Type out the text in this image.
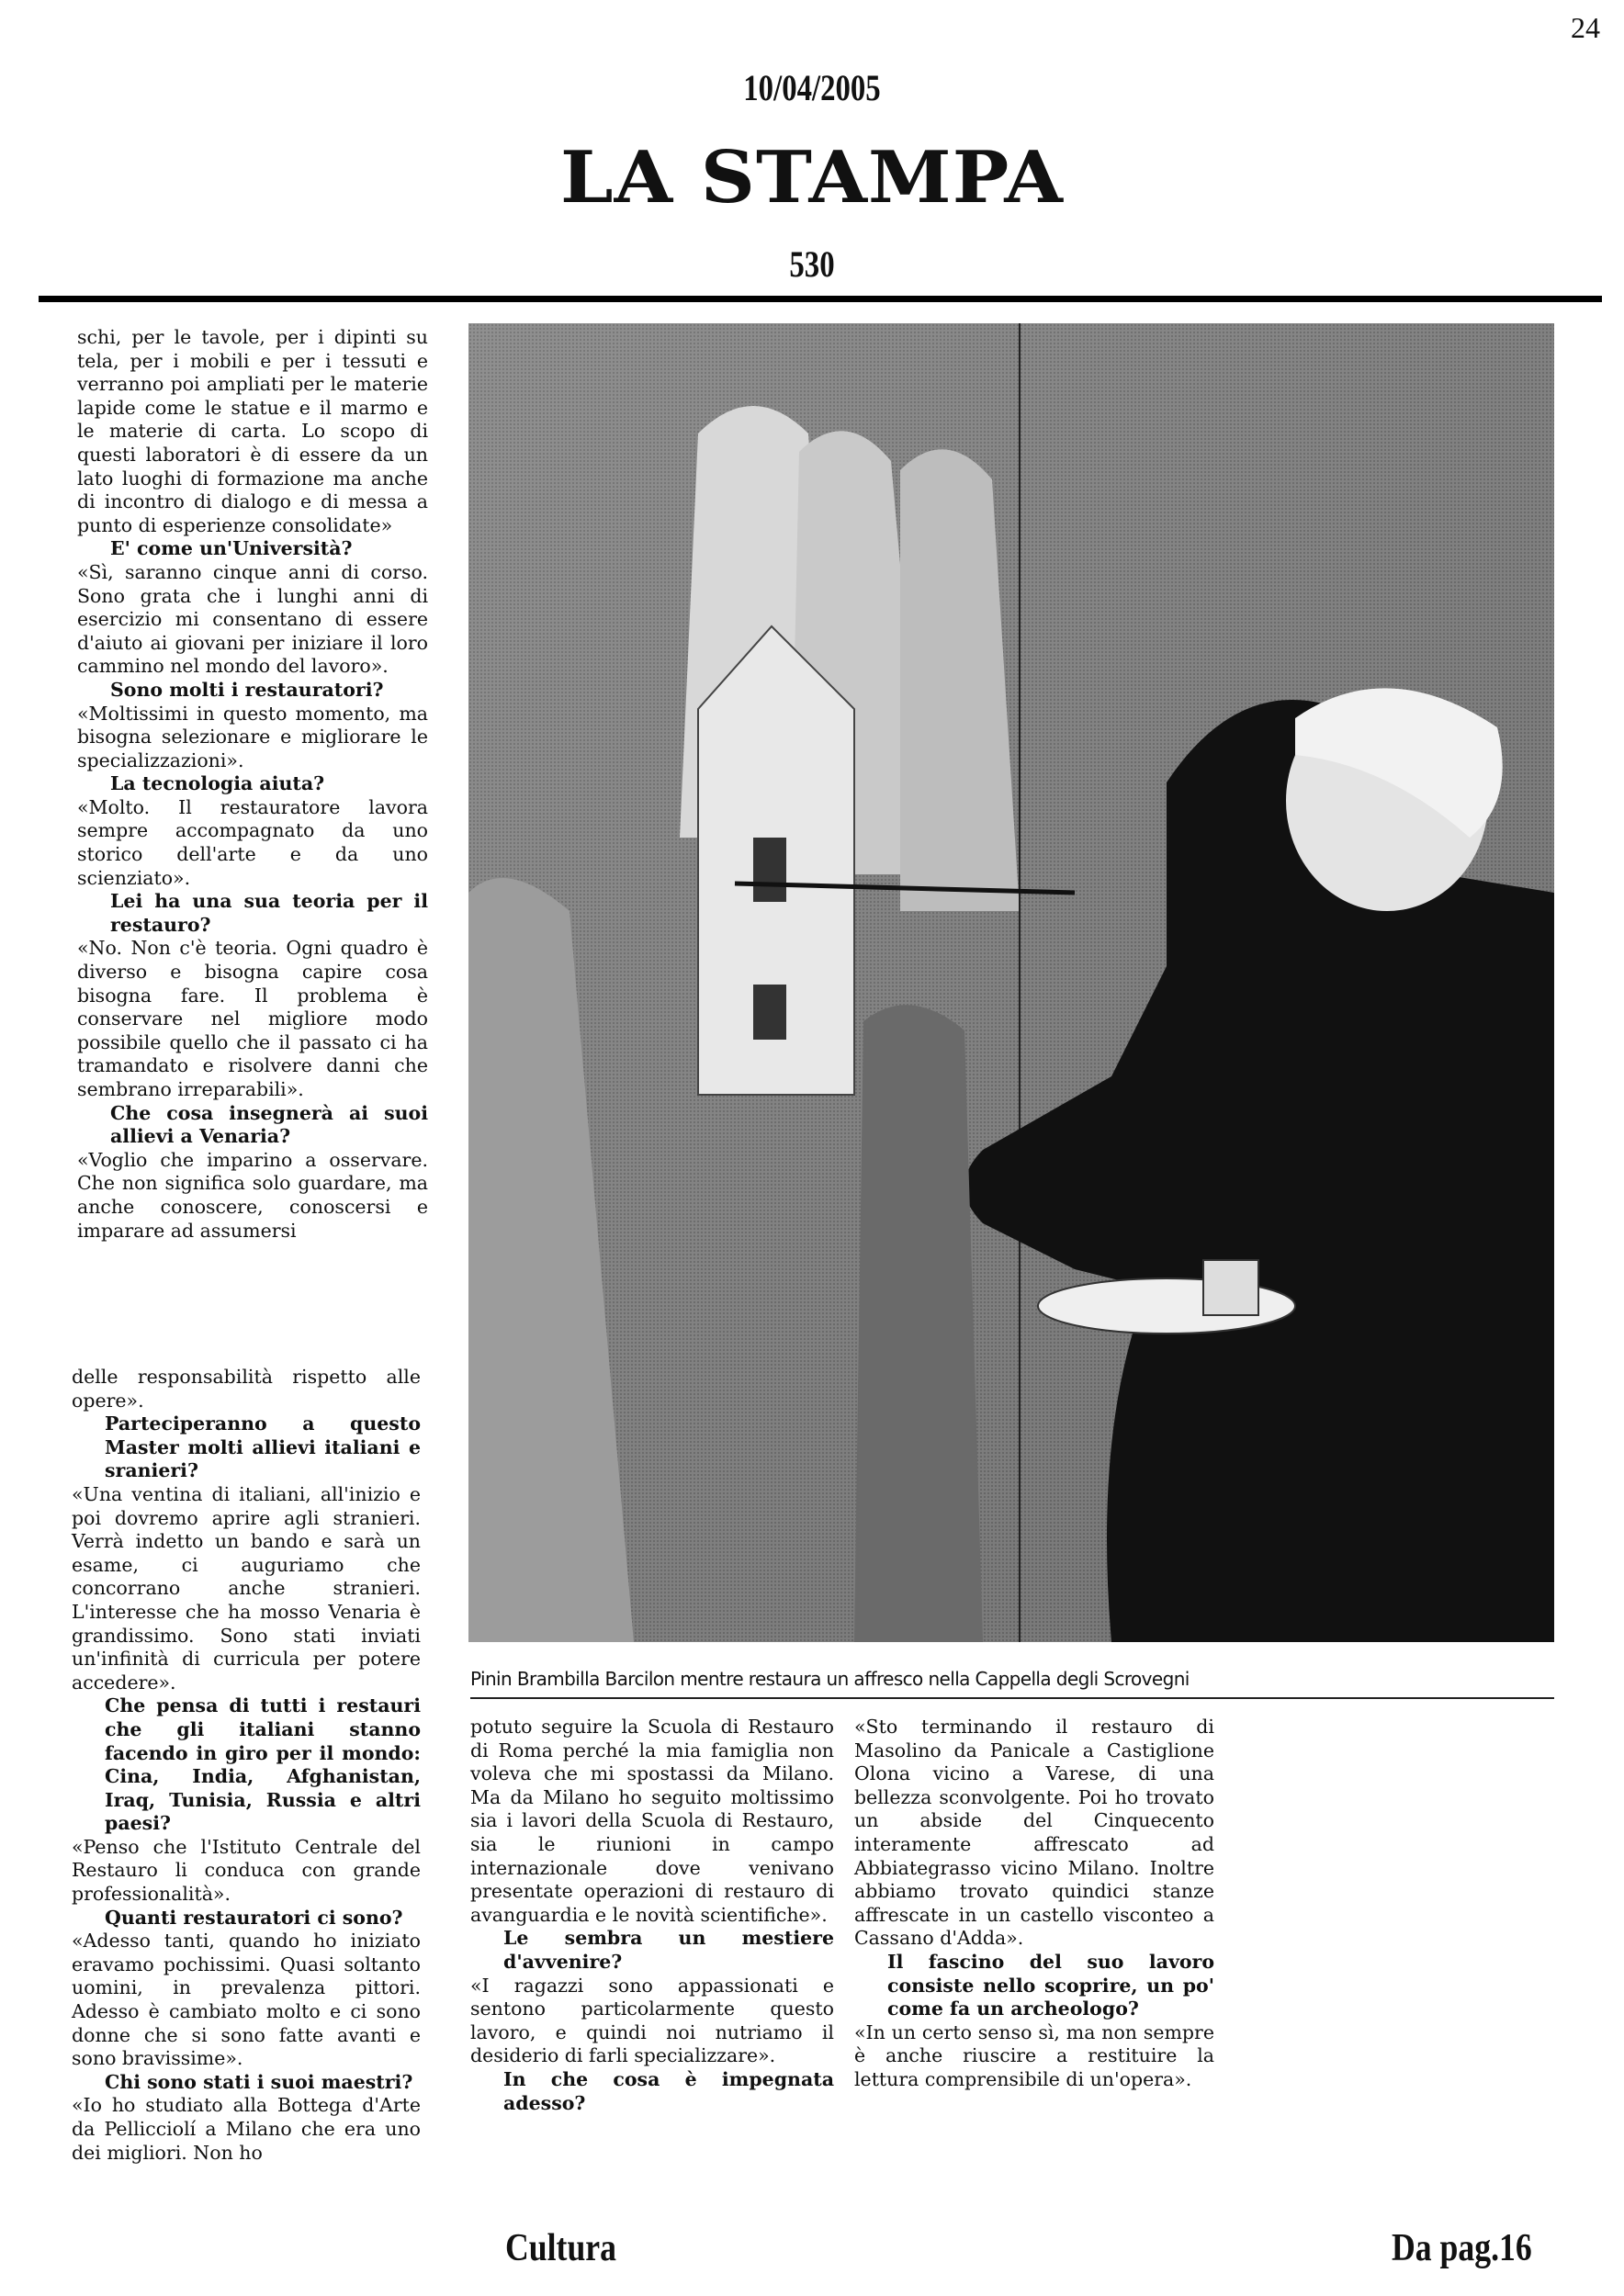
24
10/04/2005
LA STAMPA
530

schi, per le tavole, per i dipinti su tela, per i mobili e per i tessuti e verranno poi ampliati per le materie lapide come le statue e il marmo e le materie di carta. Lo scopo di questi laboratori è di essere da un lato luoghi di formazione ma anche di incontro di dialogo e di messa a punto di esperienze consolidate»

E' come un'Università?

«Sì, saranno cinque anni di corso. Sono grata che i lunghi anni di esercizio mi consentano di essere d'aiuto ai giovani per iniziare il loro cammino nel mondo del lavoro».

Sono molti i restauratori?

«Moltissimi in questo momento, ma bisogna selezionare e migliorare le specializzazioni».

La tecnologia aiuta?

«Molto. Il restauratore lavora sempre accompagnato da uno storico dell'arte e da uno scienziato».

Lei ha una sua teoria per il restauro?

«No. Non c'è teoria. Ogni quadro è diverso e bisogna capire cosa bisogna fare. Il problema è conservare nel migliore modo possibile quello che il passato ci ha tramandato e risolvere danni che sembrano irreparabili».

Che cosa insegnerà ai suoi allievi a Venaria?

«Voglio che imparino a osservare. Che non significa solo guardare, ma anche conoscere, conoscersi e imparare ad assumersi

delle responsabilità rispetto alle opere».

Parteciperanno a questo Master molti allievi italiani e sranieri?

«Una ventina di italiani, all'inizio e poi dovremo aprire agli stranieri. Verrà indetto un bando e sarà un esame, ci auguriamo che concorrano anche stranieri. L'interesse che ha mosso Venaria è grandissimo. Sono stati inviati un'infinità di curricula per potere accedere».

Che pensa di tutti i restauri che gli italiani stanno facendo in giro per il mondo: Cina, India, Afghanistan, Iraq, Tunisia, Russia e altri paesi?

«Penso che l'Istituto Centrale del Restauro li conduca con grande professionalità».

Quanti restauratori ci sono?

«Adesso tanti, quando ho iniziato eravamo pochissimi. Quasi soltanto uomini, in prevalenza pittori. Adesso è cambiato molto e ci sono donne che si sono fatte avanti e sono bravissime».

Chi sono stati i suoi maestri?

«Io ho studiato alla Bottega d'Arte da Pellicciolí a Milano che era uno dei migliori. Non ho

Pinin Brambilla Barcilon mentre restaura un affresco nella Cappella degli Scrovegni

potuto seguire la Scuola di Restauro di Roma perché la mia famiglia non voleva che mi spostassi da Milano. Ma da Milano ho seguito moltissimo sia i lavori della Scuola di Restauro, sia le riunioni in campo internazionale dove venivano presentate operazioni di restauro di avanguardia e le novità scientifiche».

Le sembra un mestiere d'avvenire?

«I ragazzi sono appassionati e sentono particolarmente questo lavoro, e quindi noi nutriamo il desiderio di farli specializzare».

In che cosa è impegnata adesso?

«Sto terminando il restauro di Masolino da Panicale a Castiglione Olona vicino a Varese, di una bellezza sconvolgente. Poi ho trovato un abside del Cinquecento interamente affrescato ad Abbiategrasso vicino Milano. Inoltre abbiamo trovato quindici stanze affrescate in un castello visconteo a Cassano d'Adda».

Il fascino del suo lavoro consiste nello scoprire, un po' come fa un archeologo?

«In un certo senso sì, ma non sempre è anche riuscire a restituire la lettura comprensibile di un'opera».

Cultura	Da pag.16
